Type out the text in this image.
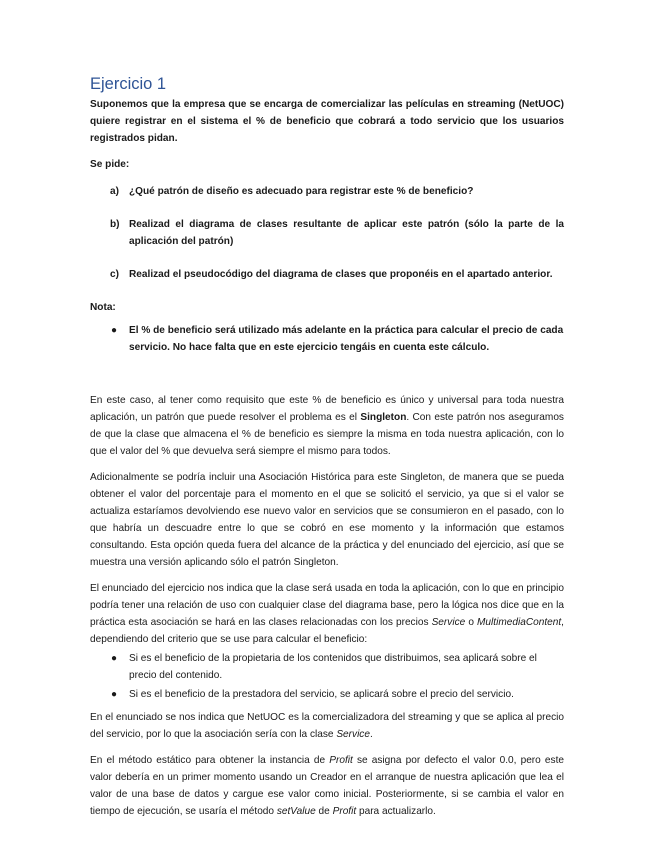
Ejercicio 1

Suponemos que la empresa que se encarga de comercializar las películas en streaming (NetUOC) quiere registrar en el sistema el % de beneficio que cobrará a todo servicio que los usuarios registrados pidan.

Se pide:

a) ¿Qué patrón de diseño es adecuado para registrar este % de beneficio?
b) Realizad el diagrama de clases resultante de aplicar este patrón (sólo la parte de la aplicación del patrón)
c) Realizad el pseudocódigo del diagrama de clases que proponéis en el apartado anterior.

Nota:

●	El % de beneficio será utilizado más adelante en la práctica para calcular el precio de cada servicio. No hace falta que en este ejercicio tengáis en cuenta este cálculo.

En este caso, al tener como requisito que este % de beneficio es único y universal para toda nuestra aplicación, un patrón que puede resolver el problema es el Singleton. Con este patrón nos aseguramos de que la clase que almacena el % de beneficio es siempre la misma en toda nuestra aplicación, con lo que el valor del % que devuelva será siempre el mismo para todos.

Adicionalmente se podría incluir una Asociación Histórica para este Singleton, de manera que se pueda obtener el valor del porcentaje para el momento en el que se solicitó el servicio, ya que si el valor se actualiza estaríamos devolviendo ese nuevo valor en servicios que se consumieron en el pasado, con lo que habría un descuadre entre lo que se cobró en ese momento y la información que estamos consultando. Esta opción queda fuera del alcance de la práctica y del enunciado del ejercicio, así que se muestra una versión aplicando sólo el patrón Singleton.

El enunciado del ejercicio nos indica que la clase será usada en toda la aplicación, con lo que en principio podría tener una relación de uso con cualquier clase del diagrama base, pero la lógica nos dice que en la práctica esta asociación se hará en las clases relacionadas con los precios Service o MultimediaContent, dependiendo del criterio que se use para calcular el beneficio:

●	Si es el beneficio de la propietaria de los contenidos que distribuimos, sea aplicará sobre el precio del contenido.
●	Si es el beneficio de la prestadora del servicio, se aplicará sobre el precio del servicio.

En el enunciado se nos indica que NetUOC es la comercializadora del streaming y que se aplica al precio del servicio, por lo que la asociación sería con la clase Service.

En el método estático para obtener la instancia de Profit se asigna por defecto el valor 0.0, pero este valor debería en un primer momento usando un Creador en el arranque de nuestra aplicación que lea el valor de una base de datos y cargue ese valor como inicial. Posteriormente, si se cambia el valor en tiempo de ejecución, se usaría el método setValue de Profit para actualizarlo.
